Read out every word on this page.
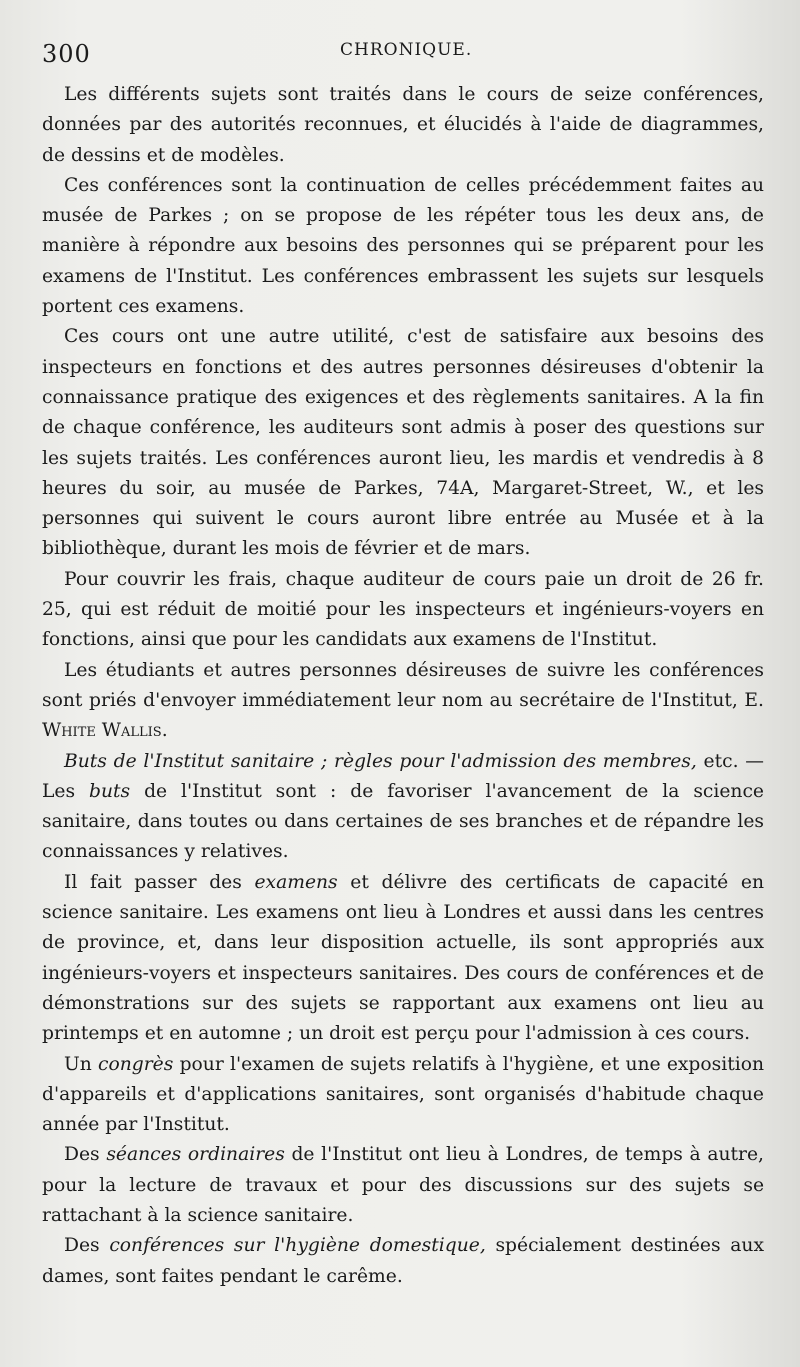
300	CHRONIQUE.

Les différents sujets sont traités dans le cours de seize conférences, données par des autorités reconnues, et élucidés à l'aide de diagrammes, de dessins et de modèles.

Ces conférences sont la continuation de celles précédemment faites au musée de Parkes ; on se propose de les répéter tous les deux ans, de manière à répondre aux besoins des personnes qui se préparent pour les examens de l'Institut. Les conférences embrassent les sujets sur lesquels portent ces examens.

Ces cours ont une autre utilité, c'est de satisfaire aux besoins des inspecteurs en fonctions et des autres personnes désireuses d'obtenir la connaissance pratique des exigences et des règlements sanitaires. A la fin de chaque conférence, les auditeurs sont admis à poser des questions sur les sujets traités. Les conférences auront lieu, les mardis et vendredis à 8 heures du soir, au musée de Parkes, 74A, Margaret-Street, W., et les personnes qui suivent le cours auront libre entrée au Musée et à la bibliothèque, durant les mois de février et de mars.

Pour couvrir les frais, chaque auditeur de cours paie un droit de 26 fr. 25, qui est réduit de moitié pour les inspecteurs et ingénieurs-voyers en fonctions, ainsi que pour les candidats aux examens de l'Institut.

Les étudiants et autres personnes désireuses de suivre les conférences sont priés d'envoyer immédiatement leur nom au secrétaire de l'Institut, E. White Wallis.

Buts de l'Institut sanitaire ; règles pour l'admission des membres, etc. — Les buts de l'Institut sont : de favoriser l'avancement de la science sanitaire, dans toutes ou dans certaines de ses branches et de répandre les connaissances y relatives.

Il fait passer des examens et délivre des certificats de capacité en science sanitaire. Les examens ont lieu à Londres et aussi dans les centres de province, et, dans leur disposition actuelle, ils sont appropriés aux ingénieurs-voyers et inspecteurs sanitaires. Des cours de conférences et de démonstrations sur des sujets se rapportant aux examens ont lieu au printemps et en automne ; un droit est perçu pour l'admission à ces cours.

Un congrès pour l'examen de sujets relatifs à l'hygiène, et une exposition d'appareils et d'applications sanitaires, sont organisés d'habitude chaque année par l'Institut.

Des séances ordinaires de l'Institut ont lieu à Londres, de temps à autre, pour la lecture de travaux et pour des discussions sur des sujets se rattachant à la science sanitaire.

Des conférences sur l'hygiène domestique, spécialement destinées aux dames, sont faites pendant le carême.
